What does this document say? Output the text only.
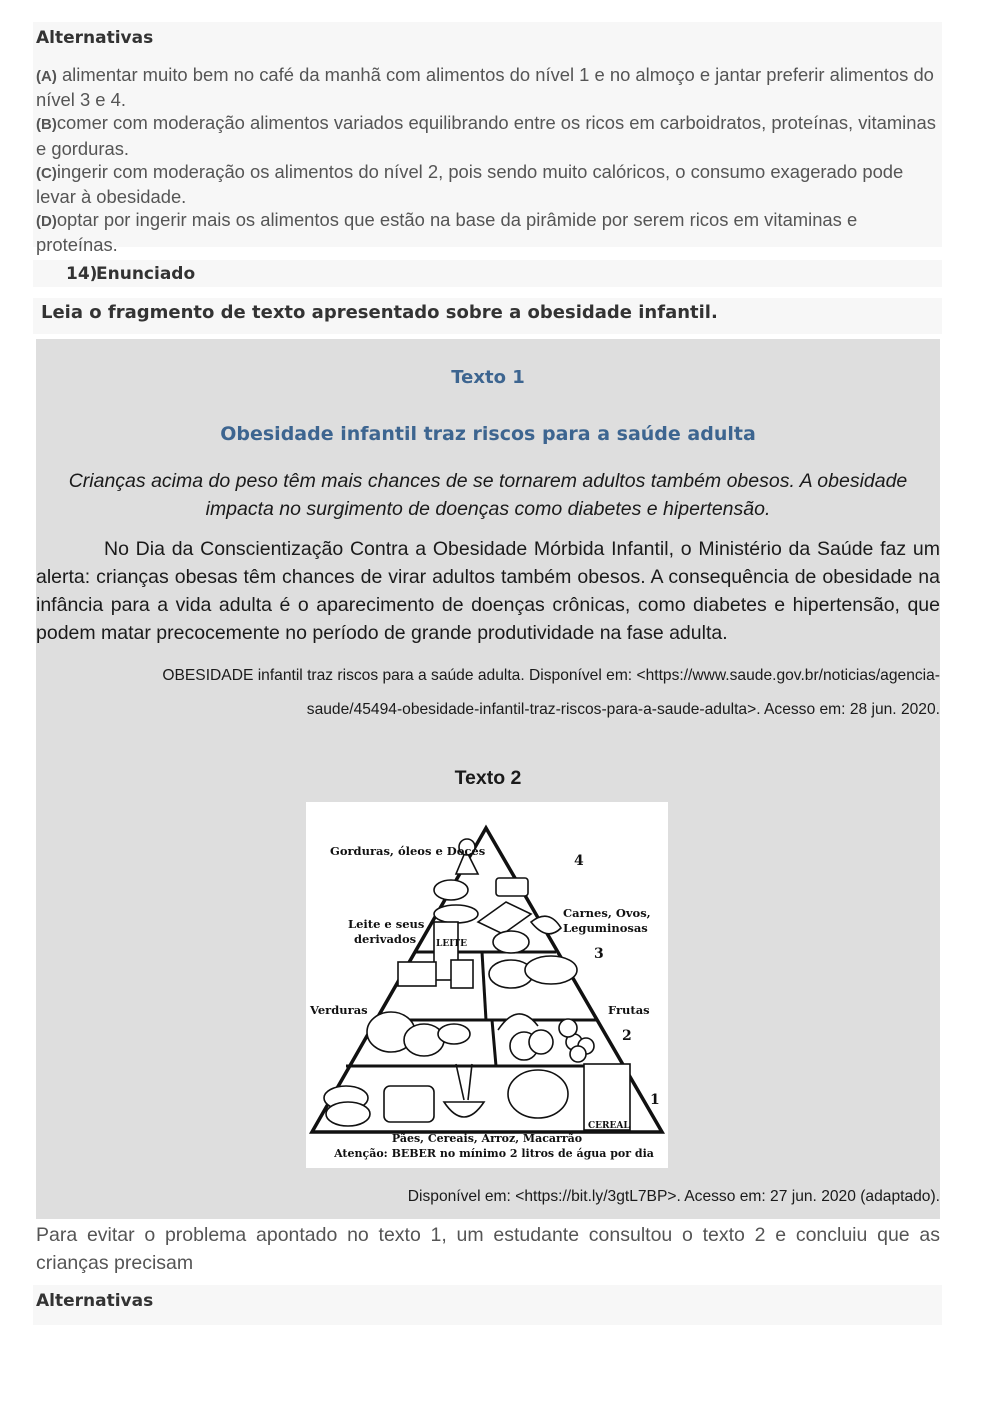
Alternativas

(A) alimentar muito bem no café da manhã com alimentos do nível 1 e no almoço e jantar preferir alimentos do nível 3 e 4.

(B)comer com moderação alimentos variados equilibrando entre os ricos em carboidratos, proteínas, vitaminas e gorduras.

(C)ingerir com moderação os alimentos do nível 2, pois sendo muito calóricos, o consumo exagerado pode levar à obesidade.

(D)optar por ingerir mais os alimentos que estão na base da pirâmide por serem ricos em vitaminas e proteínas.

14)
Enunciado
Leia o fragmento de texto apresentado sobre a obesidade infantil.
Texto 1
Obesidade infantil traz riscos para a saúde adulta
Crianças acima do peso têm mais chances de se tornarem adultos também obesos. A obesidade impacta no surgimento de doenças como diabetes e hipertensão.

No Dia da Conscientização Contra a Obesidade Mórbida Infantil, o Ministério da Saúde faz um alerta: crianças obesas têm chances de virar adultos também obesos. A consequência de obesidade na infância para a vida adulta é o aparecimento de doenças crônicas, como diabetes e hipertensão, que podem matar precocemente no período de grande produtividade na fase adulta.

OBESIDADE infantil traz riscos para a saúde adulta. Disponível em: <https://www.saude.gov.br/noticias/agencia-saude/45494-obesidade-infantil-traz-riscos-para-a-saude-adulta>. Acesso em: 28 jun. 2020.
Texto 2
Gorduras, óleos e Doces
4
Leite e seus
derivados LEITE
Carnes, Ovos,
Leguminosas
3
Verduras	Frutas
2
1
CEREAL
Pães, Cereais, Arroz, Macarrão
Atenção: BEBER no mínimo 2 litros de água por dia
Disponível em: <https://bit.ly/3gtL7BP>. Acesso em: 27 jun. 2020 (adaptado).

Para evitar o problema apontado no texto 1, um estudante consultou o texto 2 e concluiu que as crianças precisam

Alternativas
